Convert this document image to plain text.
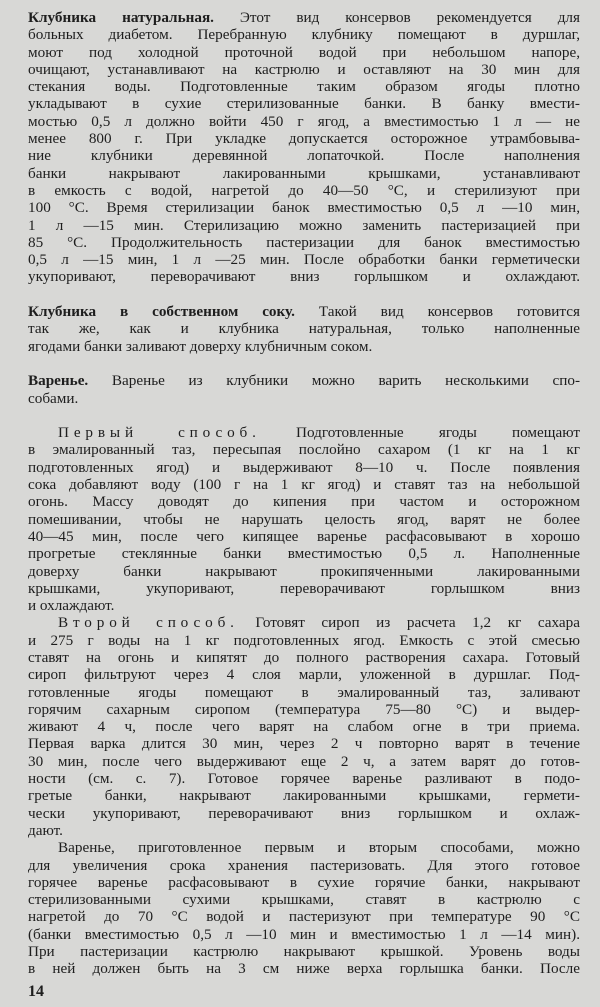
Клубника натуральная. Этот вид консервов рекомендуется для
больных диабетом. Перебранную клубнику помещают в дуршлаг,
моют под холодной проточной водой при небольшом напоре,
очищают, устанавливают на кастрюлю и оставляют на 30 мин для
стекания воды. Подготовленные таким образом ягоды плотно
укладывают в сухие стерилизованные банки. В банку вмести-
мостью 0,5 л должно войти 450 г ягод, а вместимостью 1 л — не
менее 800 г. При укладке допускается осторожное утрамбовыва-
ние клубники деревянной лопаточкой. После наполнения
банки накрывают лакированными крышками, устанавливают
в емкость с водой, нагретой до 40—50 °С, и стерилизуют при
100 °С. Время стерилизации банок вместимостью 0,5 л —10 мин,
1 л —15 мин. Стерилизацию можно заменить пастеризацией при
85 °С. Продолжительность пастеризации для банок вместимостью
0,5 л —15 мин, 1 л —25 мин. После обработки банки герметически
укупоривают, переворачивают вниз горлышком и охлаждают.
Клубника в собственном соку. Такой вид консервов готовится
так же, как и клубника натуральная, только наполненные
ягодами банки заливают доверху клубничным соком.
Варенье. Варенье из клубники можно варить несколькими спо-
собами.
Первый способ. Подготовленные ягоды помещают
в эмалированный таз, пересыпая послойно сахаром (1 кг на 1 кг
подготовленных ягод) и выдерживают 8—10 ч. После появления
сока добавляют воду (100 г на 1 кг ягод) и ставят таз на небольшой
огонь. Массу доводят до кипения при частом и осторожном
помешивании, чтобы не нарушать целость ягод, варят не более
40—45 мин, после чего кипящее варенье расфасовывают в хорошо
прогретые стеклянные банки вместимостью 0,5 л. Наполненные
доверху банки накрывают прокипяченными лакированными
крышками, укупоривают, переворачивают горлышком вниз
и охлаждают.
Второй способ. Готовят сироп из расчета 1,2 кг сахара
и 275 г воды на 1 кг подготовленных ягод. Емкость с этой смесью
ставят на огонь и кипятят до полного растворения сахара. Готовый
сироп фильтруют через 4 слоя марли, уложенной в дуршлаг. Под-
готовленные ягоды помещают в эмалированный таз, заливают
горячим сахарным сиропом (температура 75—80 °С) и выдер-
живают 4 ч, после чего варят на слабом огне в три приема.
Первая варка длится 30 мин, через 2 ч повторно варят в течение
30 мин, после чего выдерживают еще 2 ч, а затем варят до готов-
ности (см. с. 7). Готовое горячее варенье разливают в подо-
гретые банки, накрывают лакированными крышками, гермети-
чески укупоривают, переворачивают вниз горлышком и охлаж-
дают.
Варенье, приготовленное первым и вторым способами, можно
для увеличения срока хранения пастеризовать. Для этого готовое
горячее варенье расфасовывают в сухие горячие банки, накрывают
стерилизованными сухими крышками, ставят в кастрюлю с
нагретой до 70 °С водой и пастеризуют при температуре 90 °С
(банки вместимостью 0,5 л —10 мин и вместимостью 1 л —14 мин).
При пастеризации кастрюлю накрывают крышкой. Уровень воды
в ней должен быть на 3 см ниже верха горлышка банки. После
14
